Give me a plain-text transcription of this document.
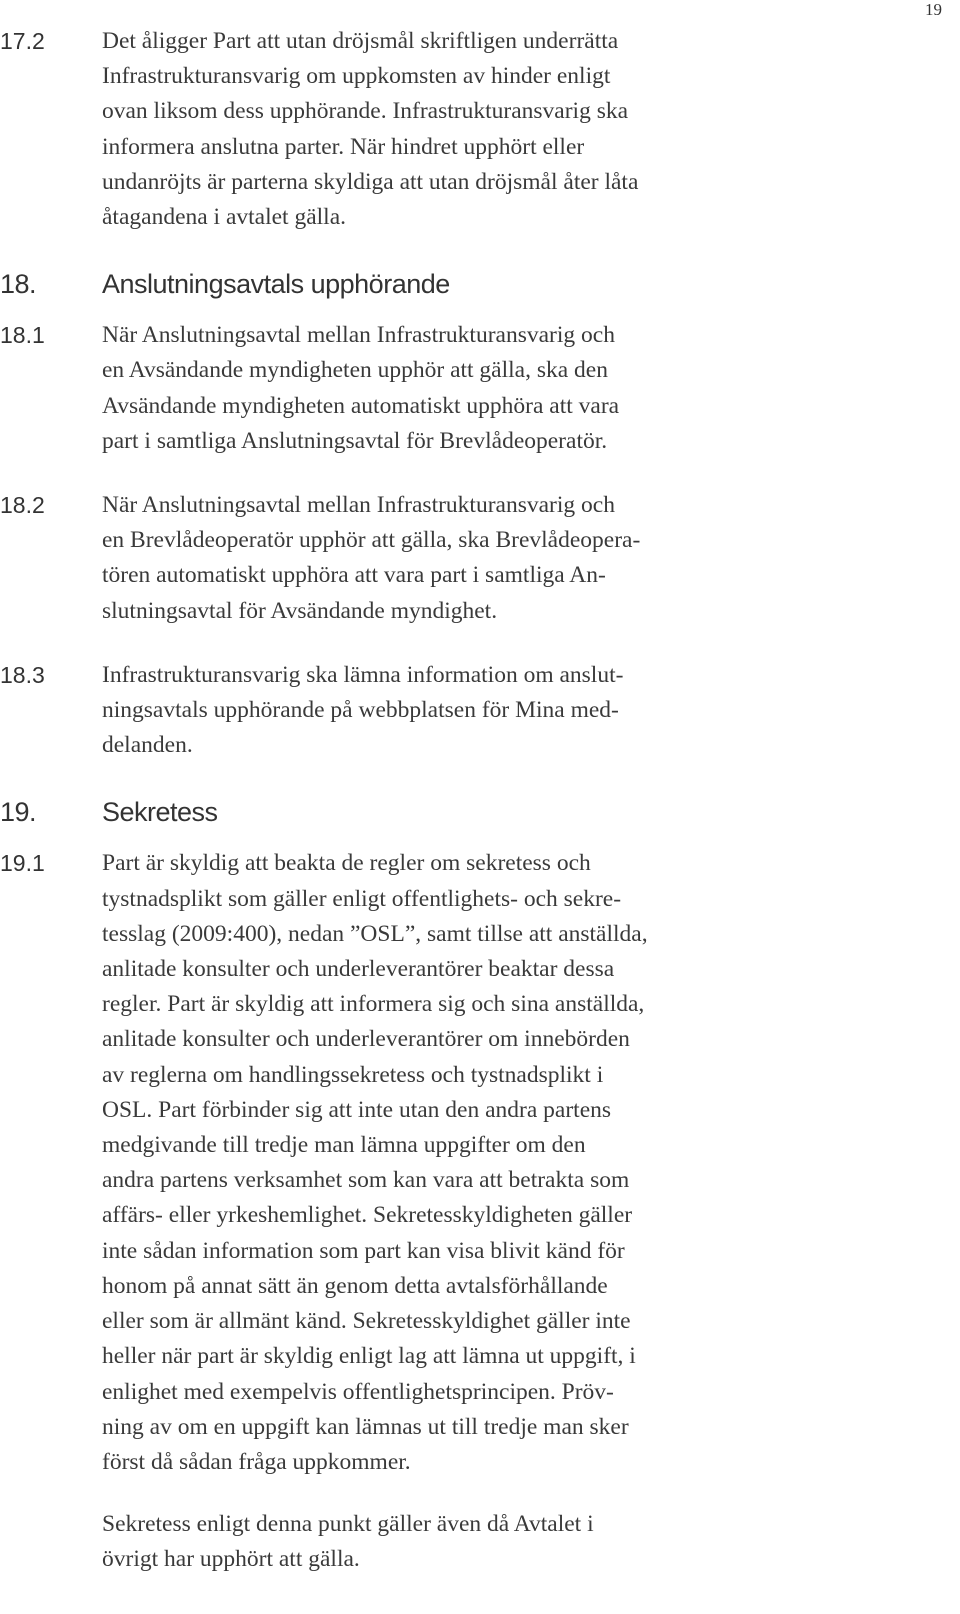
19
17.2	Det åligger Part att utan dröjsmål skriftligen underrätta
Infrastrukturansvarig om uppkomsten av hinder enligt
ovan liksom dess upphörande. Infrastrukturansvarig ska
informera anslutna parter. När hindret upphört eller
undanröjts är parterna skyldiga att utan dröjsmål åter låta
åtagandena i avtalet gälla.
18.	Anslutningsavtals upphörande
18.1	När Anslutningsavtal mellan Infrastrukturansvarig och
en Avsändande myndigheten upphör att gälla, ska den
Avsändande myndigheten automatiskt upphöra att vara
part i samtliga Anslutningsavtal för Brevlådeoperatör.
18.2	När Anslutningsavtal mellan Infrastrukturansvarig och
en Brevlådeoperatör upphör att gälla, ska Brevlådeopera-
tören automatiskt upphöra att vara part i samtliga An-
slutningsavtal för Avsändande myndighet.
18.3	Infrastrukturansvarig ska lämna information om anslut-
ningsavtals upphörande på webbplatsen för Mina med-
delanden.
19.	Sekretess
19.1	Part är skyldig att beakta de regler om sekretess och
tystnadsplikt som gäller enligt offentlighets- och sekre-
tesslag (2009:400), nedan ”OSL”, samt tillse att anställda,
anlitade konsulter och underleverantörer beaktar dessa
regler. Part är skyldig att informera sig och sina anställda,
anlitade konsulter och underleverantörer om innebörden
av reglerna om handlingssekretess och tystnadsplikt i
OSL. Part förbinder sig att inte utan den andra partens
medgivande till tredje man lämna uppgifter om den
andra partens verksamhet som kan vara att betrakta som
affärs- eller yrkeshemlighet. Sekretesskyldigheten gäller
inte sådan information som part kan visa blivit känd för
honom på annat sätt än genom detta avtalsförhållande
eller som är allmänt känd. Sekretesskyldighet gäller inte
heller när part är skyldig enligt lag att lämna ut uppgift, i
enlighet med exempelvis offentlighetsprincipen. Pröv-
ning av om en uppgift kan lämnas ut till tredje man sker
först då sådan fråga uppkommer.
Sekretess enligt denna punkt gäller även då Avtalet i
övrigt har upphört att gälla.
